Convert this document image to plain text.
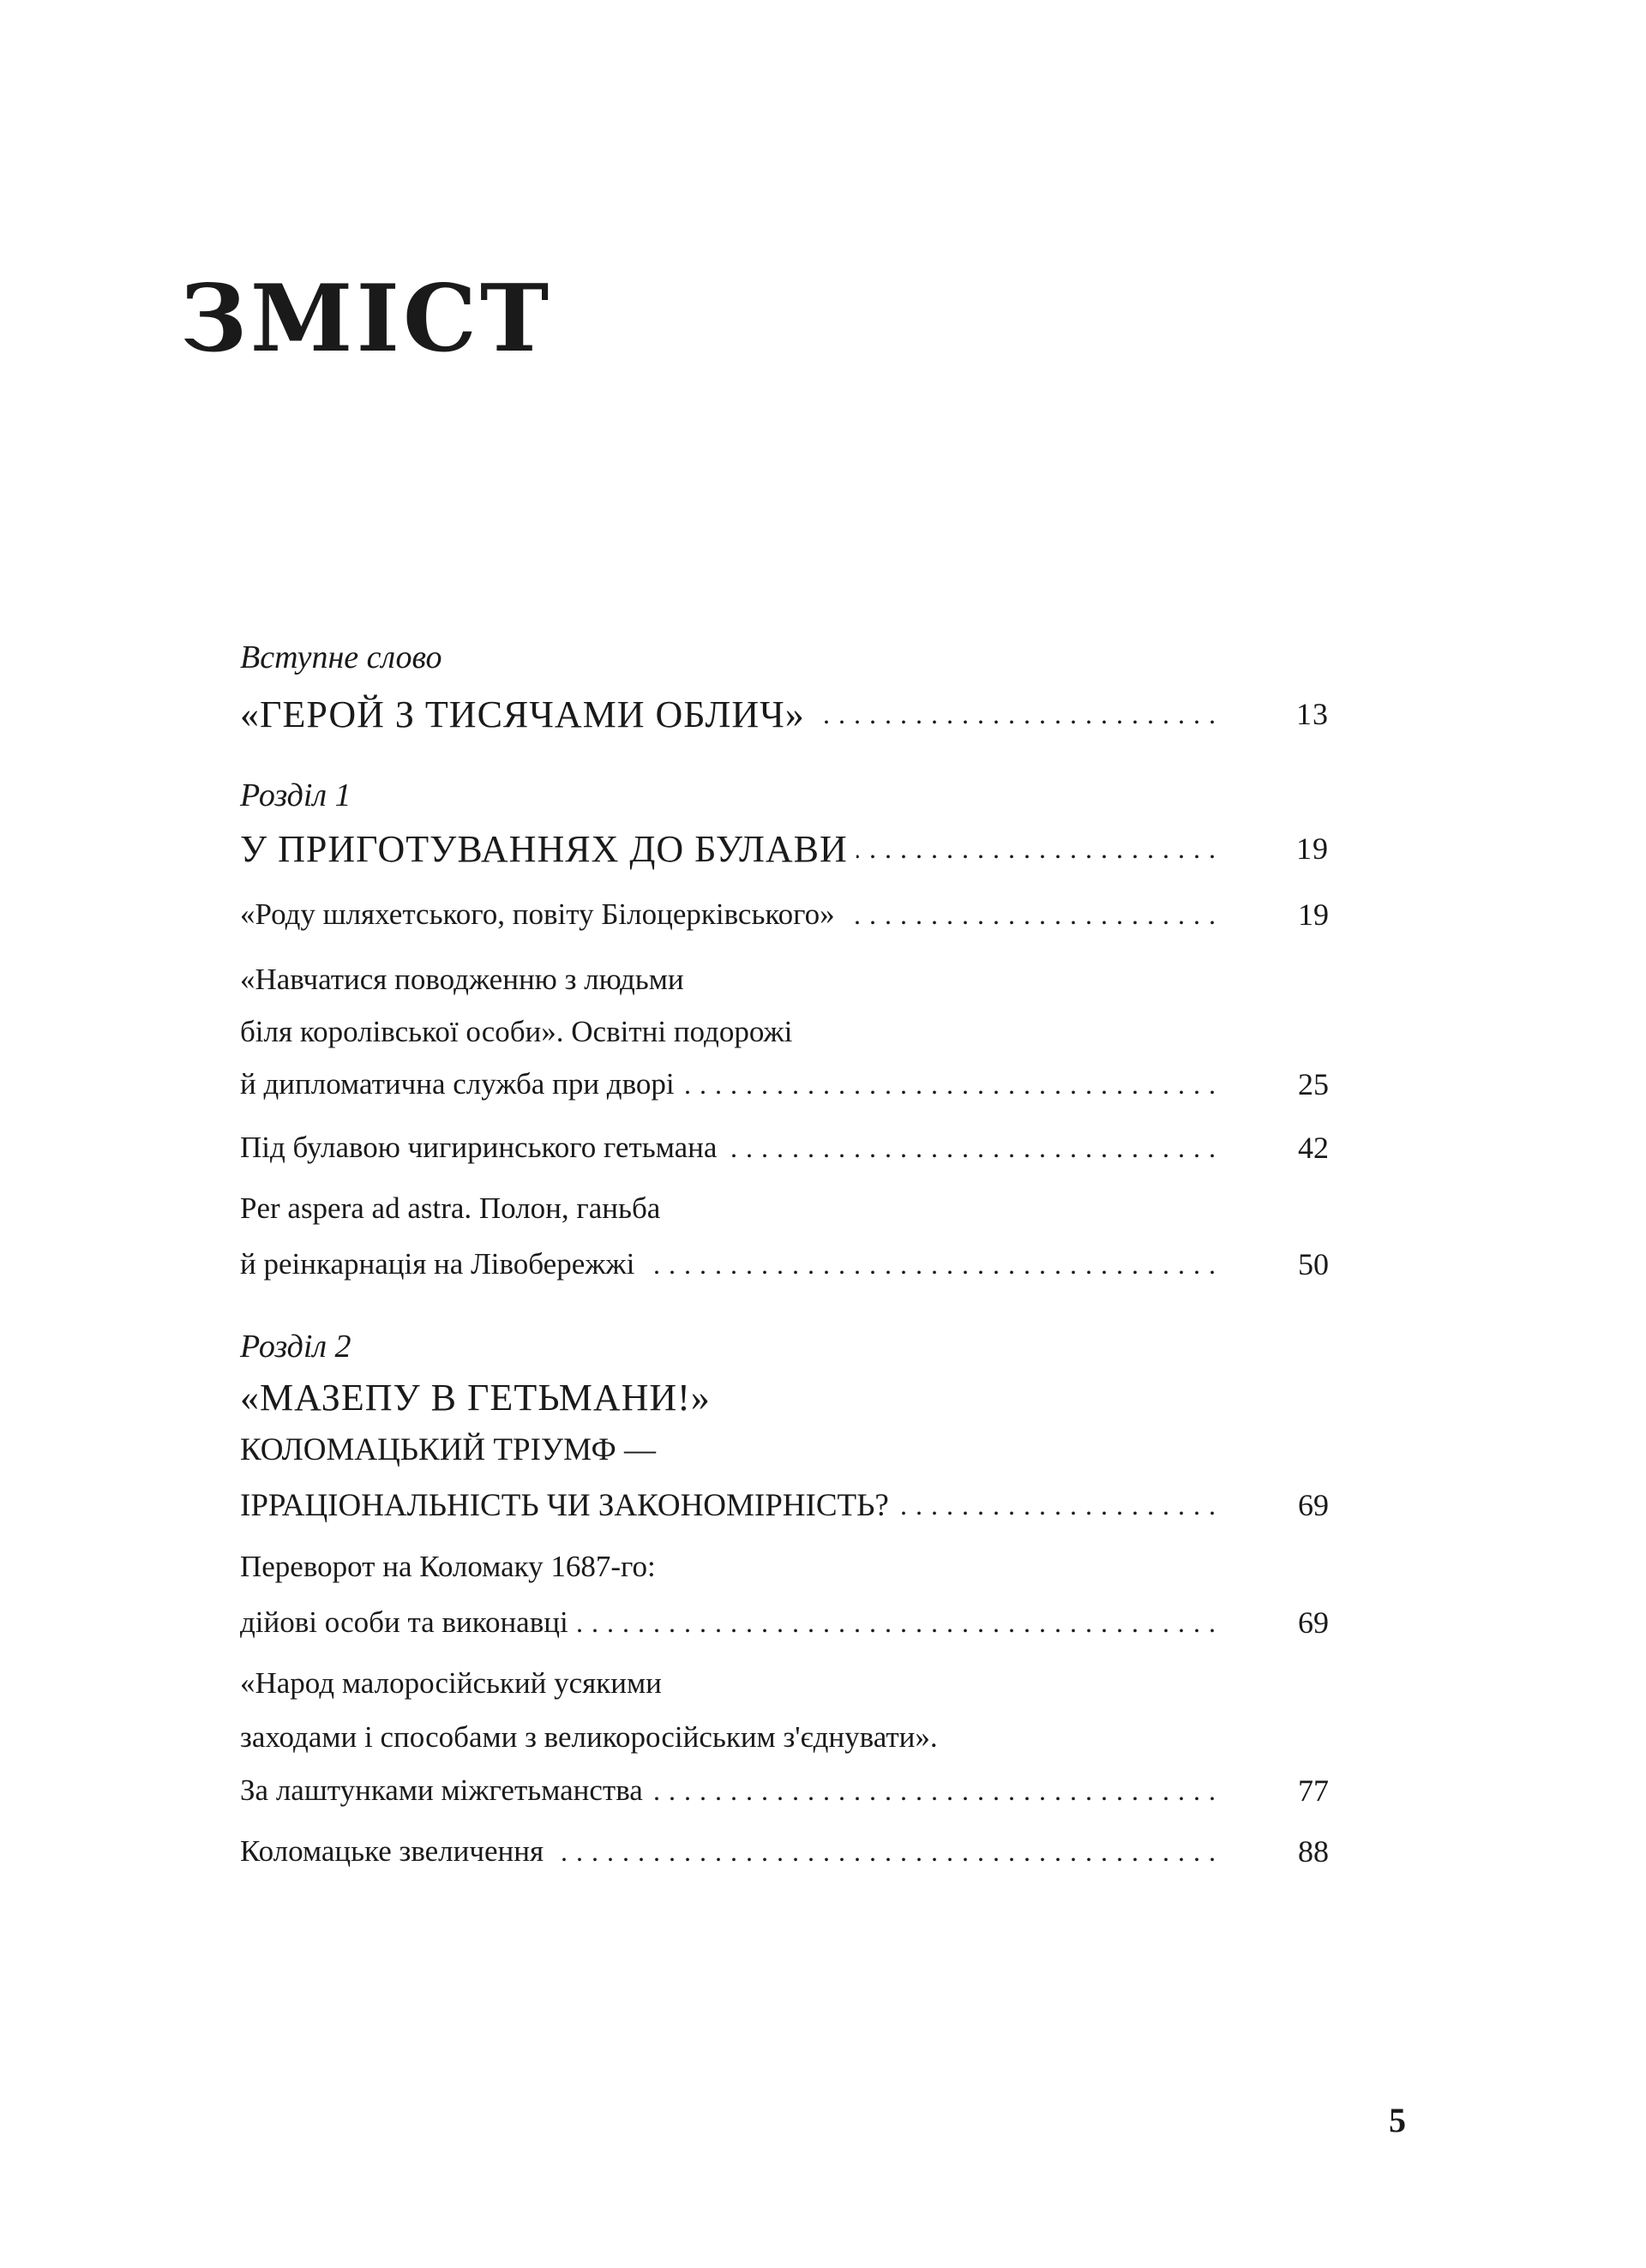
ЗМІСТ
Вступне слово
«ГЕРОЙ З ТИСЯЧАМИ ОБЛИЧ» . . .	13
Розділ 1
У ПРИГОТУВАННЯХ ДО БУЛАВИ . . .	19
«Роду шляхетського, повіту Білоцерківського» . . .	19
«Навчатися поводженню з людьми
біля королівської особи». Освітні подорожі
й дипломатична служба при дворі . . .	25
Під булавою чигиринського гетьмана . . .	42
Per aspera ad astra. Полон, ганьба
й реінкарнація на Лівобережжі . . .	50
Розділ 2
«МАЗЕПУ В ГЕТЬМАНИ!»
КОЛОМАЦЬКИЙ ТРІУМФ —
ІРРАЦІОНАЛЬНІСТЬ ЧИ ЗАКОНОМІРНІСТЬ? . . .	69
Переворот на Коломаку 1687-го:
дійові особи та виконавці . . .	69
«Народ малоросійський усякими
заходами і способами з великоросійським з'єднувати».
За лаштунками міжгетьманства . . .	77
Коломацьке звеличення . . .	88
5
